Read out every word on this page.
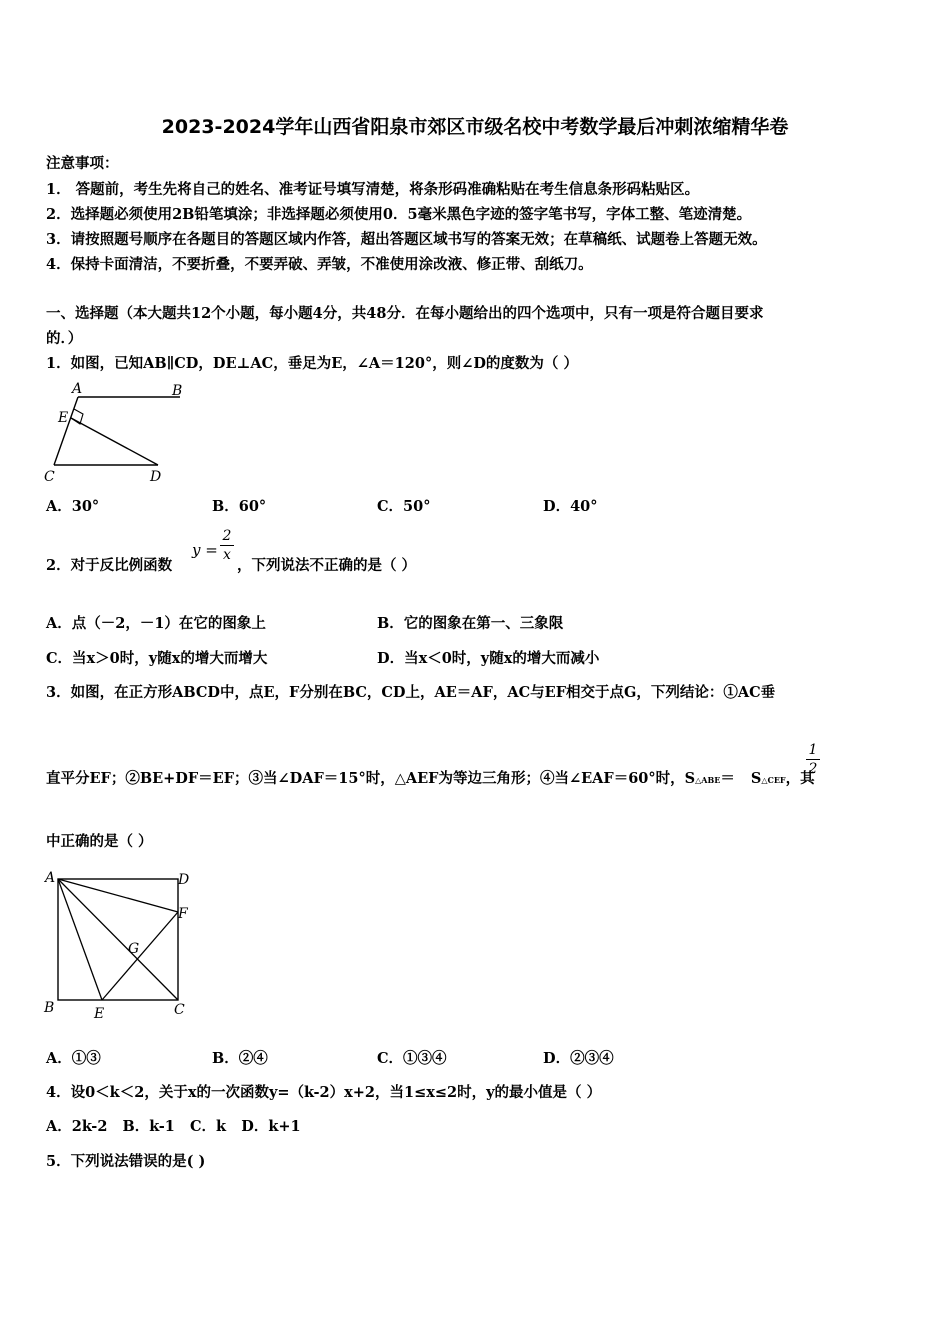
2023-2024学年山西省阳泉市郊区市级名校中考数学最后冲刺浓缩精华卷
注意事项：
1． 答题前，考生先将自己的姓名、准考证号填写清楚，将条形码准确粘贴在考生信息条形码粘贴区。
2．选择题必须使用2B铅笔填涂；非选择题必须使用0．5毫米黑色字迹的签字笔书写，字体工整、笔迹清楚。
3．请按照题号顺序在各题目的答题区域内作答，超出答题区域书写的答案无效；在草稿纸、试题卷上答题无效。
4．保持卡面清洁，不要折叠，不要弄破、弄皱，不准使用涂改液、修正带、刮纸刀。
一、选择题（本大题共12个小题，每小题4分，共48分．在每小题给出的四个选项中，只有一项是符合题目要求
的．）
1．如图，已知AB∥CD，DE⊥AC，垂足为E，∠A＝120°，则∠D的度数为（ ）
A	B
E
C	D
A．30°	B．60°	C．50°	D．40°
2．对于反比例函数
y =
2
x
，下列说法不正确的是（ ）
A．点（－2，－1）在它的图象上	B．它的图象在第一、三象限
C．当x＞0时，y随x的增大而增大	D．当x＜0时，y随x的增大而减小
3．如图，在正方形ABCD中，点E，F分别在BC，CD上，AE＝AF，AC与EF相交于点G，下列结论：①AC垂
直平分EF；②BE+DF＝EF；③当∠DAF＝15°时，△AEF为等边三角形；④当∠EAF＝60°时，S△ABE＝ S△CEF，其
1
2
中正确的是（ ）
A	D
F
G
B	E	C
A．①③	B．②④	C．①③④	D．②③④
4．设0＜k＜2，关于x的一次函数y=（k-2）x+2，当1≤x≤2时，y的最小值是（ ）
A．2k-2   B．k-1   C．k   D．k+1
5．下列说法错误的是( )
